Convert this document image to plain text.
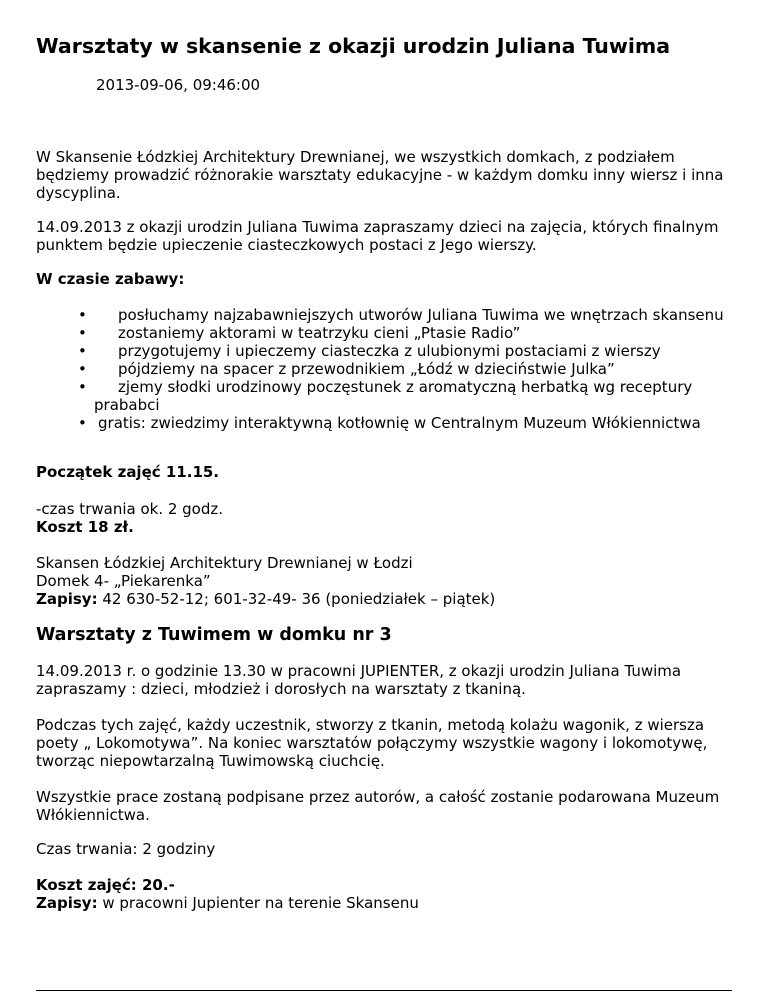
Warsztaty w skansenie z okazji urodzin Juliana Tuwima
2013-09-06, 09:46:00

W Skansenie Łódzkiej Architektury Drewnianej, we wszystkich domkach, z podziałem będziemy prowadzić różnorakie warsztaty edukacyjne - w każdym domku inny wiersz i inna dyscyplina.

14.09.2013 z okazji urodzin Juliana Tuwima zapraszamy dzieci na zajęcia, których finalnym punktem będzie upieczenie ciasteczkowych postaci z Jego wierszy.

W czasie zabawy:

• posłuchamy najzabawniejszych utworów Juliana Tuwima we wnętrzach skansenu
• zostaniemy aktorami w teatrzyku cieni „Ptasie Radio”
• przygotujemy i upieczemy ciasteczka z ulubionymi postaciami z wierszy
• pójdziemy na spacer z przewodnikiem „Łódź w dzieciństwie Julka”
• zjemy słodki urodzinowy poczęstunek z aromatyczną herbatką wg receptury prababci
• gratis: zwiedzimy interaktywną kotłownię w Centralnym Muzeum Włókiennictwa

Początek zajęć 11.15.

-czas trwania ok. 2 godz.

Koszt 18 zł.

Skansen Łódzkiej Architektury Drewnianej w Łodzi

Domek 4- „Piekarenka”

Zapisy: 42 630-52-12; 601-32-49- 36 (poniedziałek – piątek)

Warsztaty z Tuwimem w domku nr 3

14.09.2013 r. o godzinie 13.30 w pracowni JUPIENTER, z okazji urodzin Juliana Tuwima zapraszamy : dzieci, młodzież i dorosłych na warsztaty z tkaniną.

Podczas tych zajęć, każdy uczestnik, stworzy z tkanin, metodą kolażu wagonik, z wiersza poety „ Lokomotywa”. Na koniec warsztatów połączymy wszystkie wagony i lokomotywę, tworząc niepowtarzalną Tuwimowską ciuchcię.

Wszystkie prace zostaną podpisane przez autorów, a całość zostanie podarowana Muzeum Włókiennictwa.

Czas trwania: 2 godziny

Koszt zajęć: 20.-

Zapisy: w pracowni Jupienter na terenie Skansenu
